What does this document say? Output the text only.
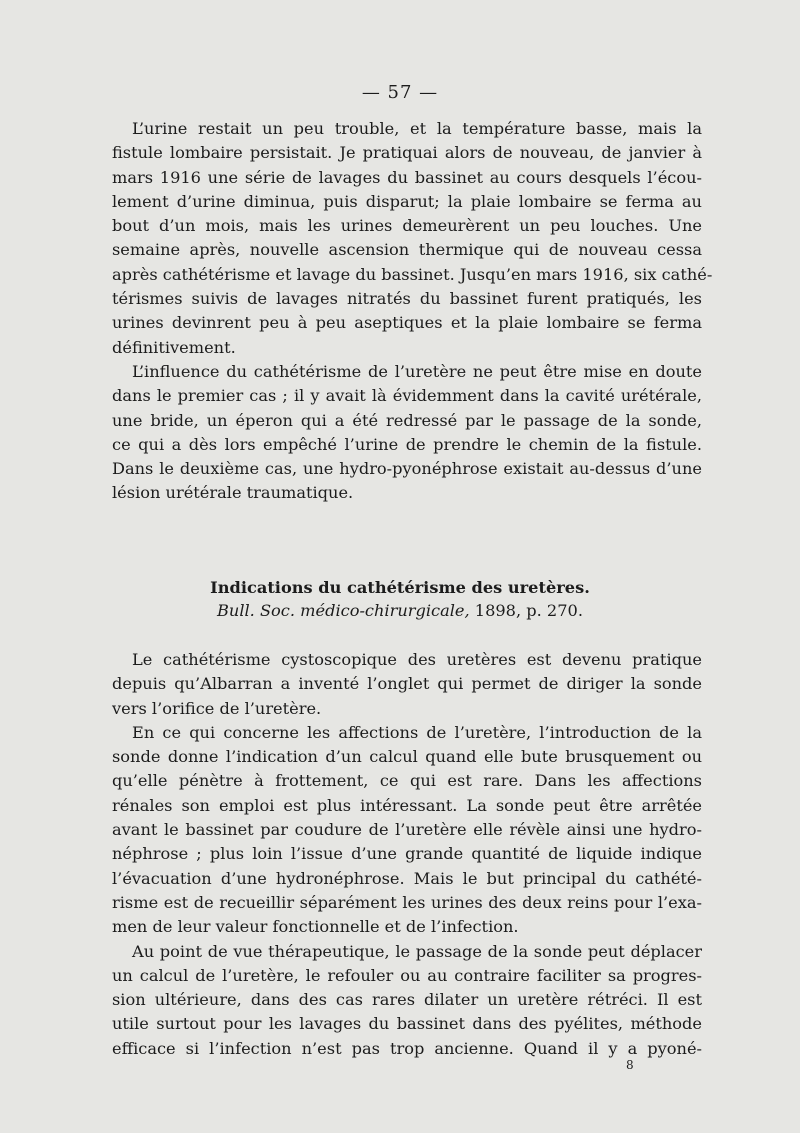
— 57 —
L’urine restait un peu trouble, et la température basse, mais la
fistule lombaire persistait. Je pratiquai alors de nouveau, de janvier à
mars 1916 une série de lavages du bassinet au cours desquels l’écou-
lement d’urine diminua, puis disparut; la plaie lombaire se ferma au
bout d’un mois, mais les urines demeurèrent un peu louches. Une
semaine après, nouvelle ascension thermique qui de nouveau cessa
après cathétérisme et lavage du bassinet. Jusqu’en mars 1916, six cathé-
térismes suivis de lavages nitratés du bassinet furent pratiqués, les
urines devinrent peu à peu aseptiques et la plaie lombaire se ferma
définitivement.
L’influence du cathétérisme de l’uretère ne peut être mise en doute
dans le premier cas ; il y avait là évidemment dans la cavité urétérale,
une bride, un éperon qui a été redressé par le passage de la sonde,
ce qui a dès lors empêché l’urine de prendre le chemin de la fistule.
Dans le deuxième cas, une hydro-pyonéphrose existait au-dessus d’une
lésion urétérale traumatique.
Indications du cathétérisme des uretères.
Bull. Soc. médico-chirurgicale, 1898, p. 270.
Le cathétérisme cystoscopique des uretères est devenu pratique
depuis qu’Albarran a inventé l’onglet qui permet de diriger la sonde
vers l’orifice de l’uretère.
En ce qui concerne les affections de l’uretère, l’introduction de la
sonde donne l’indication d’un calcul quand elle bute brusquement ou
qu’elle pénètre à frottement, ce qui est rare. Dans les affections
rénales son emploi est plus intéressant. La sonde peut être arrêtée
avant le bassinet par coudure de l’uretère elle révèle ainsi une hydro-
néphrose ; plus loin l’issue d’une grande quantité de liquide indique
l’évacuation d’une hydronéphrose. Mais le but principal du cathété-
risme est de recueillir séparément les urines des deux reins pour l’exa-
men de leur valeur fonctionnelle et de l’infection.
Au point de vue thérapeutique, le passage de la sonde peut déplacer
un calcul de l’uretère, le refouler ou au contraire faciliter sa progres-
sion ultérieure, dans des cas rares dilater un uretère rétréci. Il est
utile surtout pour les lavages du bassinet dans des pyélites, méthode
efficace si l’infection n’est pas trop ancienne. Quand il y a pyoné-
8
